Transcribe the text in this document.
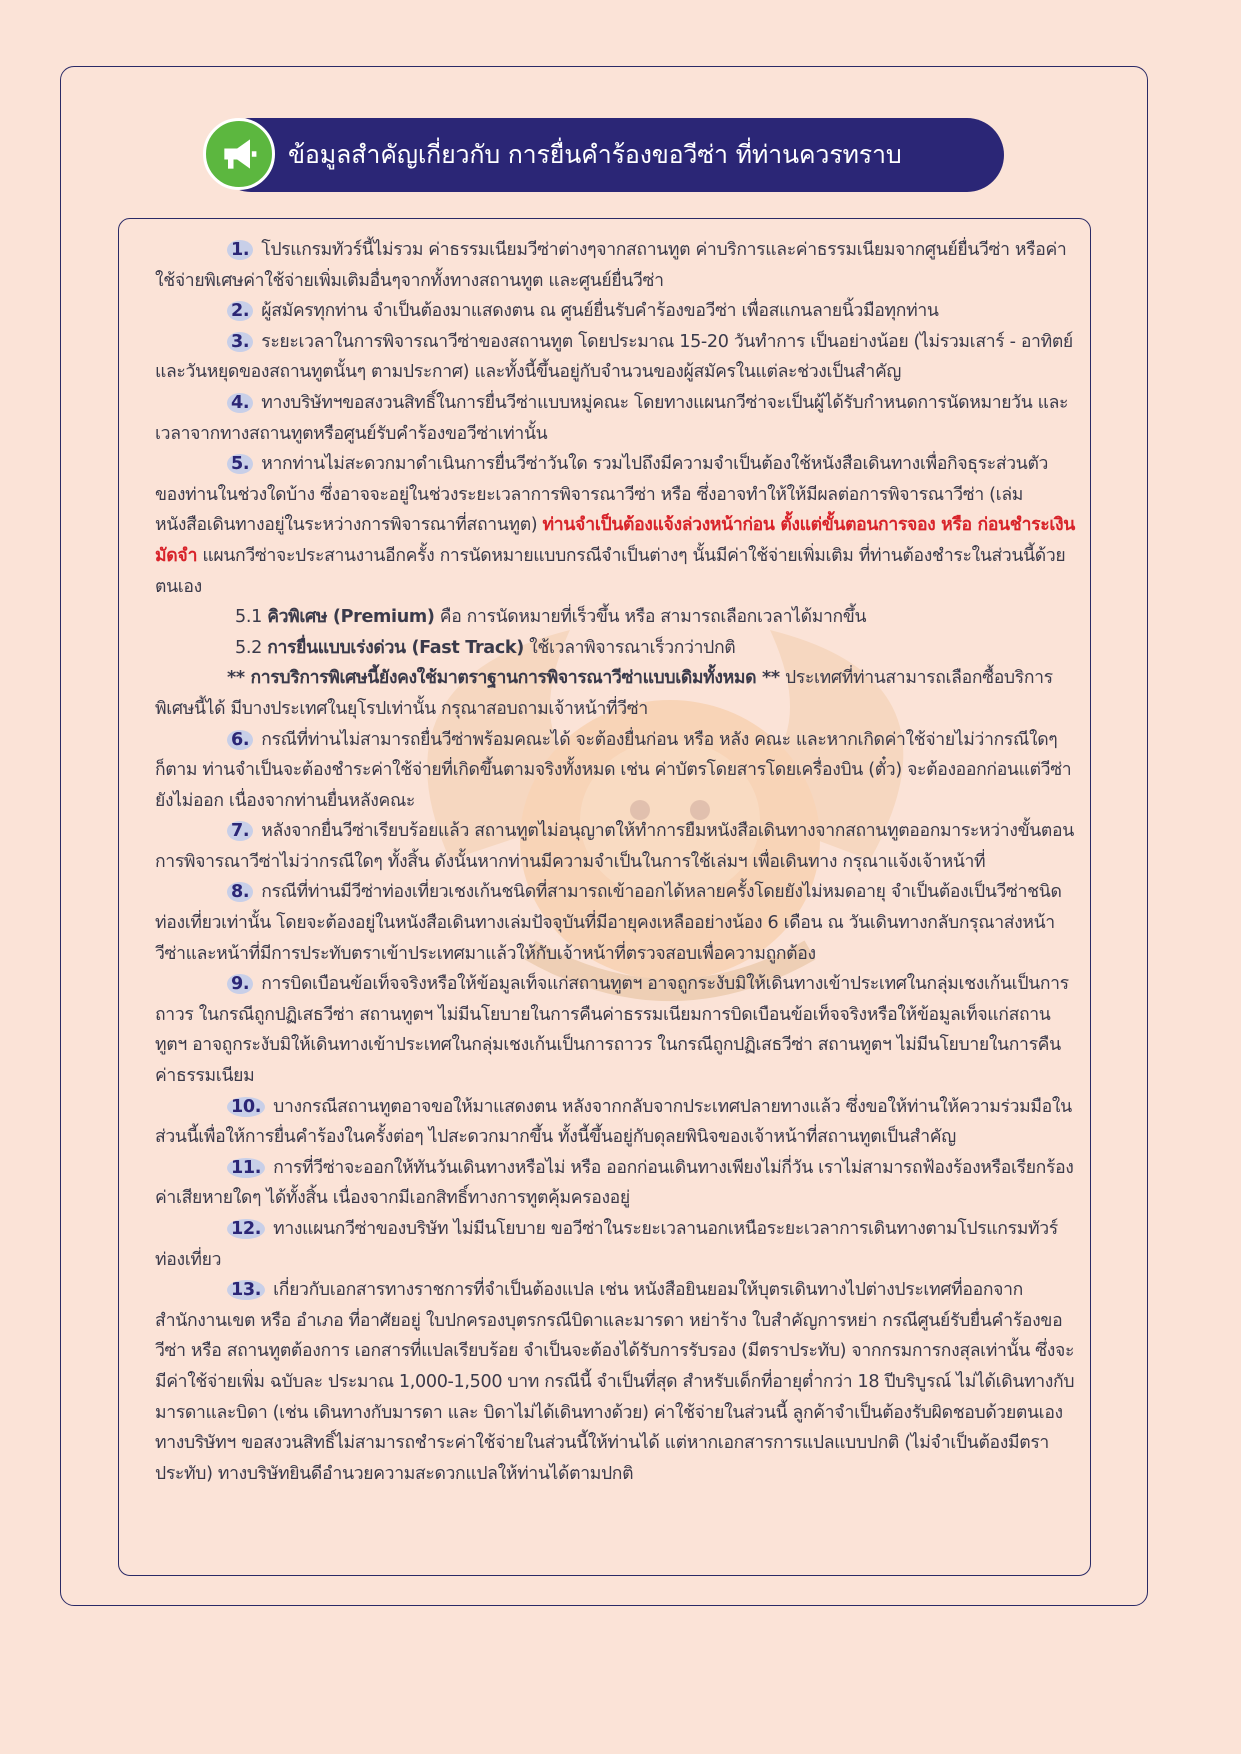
ข้อมูลสำคัญเกี่ยวกับ การยื่นคำร้องขอวีซ่า ที่ท่านควรทราบ

1. โปรแกรมทัวร์นี้ไม่รวม ค่าธรรมเนียมวีซ่าต่างๆจากสถานทูต ค่าบริการและค่าธรรมเนียมจากศูนย์ยื่นวีซ่า หรือค่าใช้จ่ายพิเศษค่าใช้จ่ายเพิ่มเติมอื่นๆจากทั้งทางสถานทูต และศูนย์ยื่นวีซ่า

2. ผู้สมัครทุกท่าน จำเป็นต้องมาแสดงตน ณ ศูนย์ยื่นรับคำร้องขอวีซ่า เพื่อสแกนลายนิ้วมือทุกท่าน

3. ระยะเวลาในการพิจารณาวีซ่าของสถานทูต โดยประมาณ 15-20 วันทำการ เป็นอย่างน้อย (ไม่รวมเสาร์ - อาทิตย์ และวันหยุดของสถานทูตนั้นๆ ตามประกาศ) และทั้งนี้ขึ้นอยู่กับจำนวนของผู้สมัครในแต่ละช่วงเป็นสำคัญ

4. ทางบริษัทฯขอสงวนสิทธิ์ในการยื่นวีซ่าแบบหมู่คณะ โดยทางแผนกวีซ่าจะเป็นผู้ได้รับกำหนดการนัดหมายวัน และเวลาจากทางสถานทูตหรือศูนย์รับคำร้องขอวีซ่าเท่านั้น

5. หากท่านไม่สะดวกมาดำเนินการยื่นวีซ่าวันใด รวมไปถึงมีความจำเป็นต้องใช้หนังสือเดินทางเพื่อกิจธุระส่วนตัวของท่านในช่วงใดบ้าง ซึ่งอาจจะอยู่ในช่วงระยะเวลาการพิจารณาวีซ่า หรือ ซึ่งอาจทำให้ให้มีผลต่อการพิจารณาวีซ่า (เล่มหนังสือเดินทางอยู่ในระหว่างการพิจารณาที่สถานทูต) ท่านจำเป็นต้องแจ้งล่วงหน้าก่อน ตั้งแต่ขั้นตอนการจอง หรือ ก่อนชำระเงินมัดจำ แผนกวีซ่าจะประสานงานอีกครั้ง การนัดหมายแบบกรณีจำเป็นต่างๆ นั้นมีค่าใช้จ่ายเพิ่มเติม ที่ท่านต้องชำระในส่วนนี้ด้วยตนเอง

5.1 คิวพิเศษ (Premium) คือ การนัดหมายที่เร็วขึ้น หรือ สามารถเลือกเวลาได้มากขึ้น

5.2 การยื่นแบบเร่งด่วน (Fast Track) ใช้เวลาพิจารณาเร็วกว่าปกติ

** การบริการพิเศษนี้ยังคงใช้มาตราฐานการพิจารณาวีซ่าแบบเดิมทั้งหมด ** ประเทศที่ท่านสามารถเลือกซื้อบริการพิเศษนี้ได้ มีบางประเทศในยุโรปเท่านั้น กรุณาสอบถามเจ้าหน้าที่วีซ่า

6. กรณีที่ท่านไม่สามารถยื่นวีซ่าพร้อมคณะได้ จะต้องยื่นก่อน หรือ หลัง คณะ และหากเกิดค่าใช้จ่ายไม่ว่ากรณีใดๆ ก็ตาม ท่านจำเป็นจะต้องชำระค่าใช้จ่ายที่เกิดขึ้นตามจริงทั้งหมด เช่น ค่าบัตรโดยสารโดยเครื่องบิน (ตั๋ว) จะต้องออกก่อนแต่วีซ่ายังไม่ออก เนื่องจากท่านยื่นหลังคณะ

7. หลังจากยื่นวีซ่าเรียบร้อยแล้ว สถานทูตไม่อนุญาตให้ทำการยืมหนังสือเดินทางจากสถานทูตออกมาระหว่างขั้นตอนการพิจารณาวีซ่าไม่ว่ากรณีใดๆ ทั้งสิ้น ดังนั้นหากท่านมีความจำเป็นในการใช้เล่มฯ เพื่อเดินทาง กรุณาแจ้งเจ้าหน้าที่

8. กรณีที่ท่านมีวีซ่าท่องเที่ยวเชงเก้นชนิดที่สามารถเข้าออกได้หลายครั้งโดยยังไม่หมดอายุ จำเป็นต้องเป็นวีซ่าชนิดท่องเที่ยวเท่านั้น โดยจะต้องอยู่ในหนังสือเดินทางเล่มปัจจุบันที่มีอายุคงเหลืออย่างน้อง 6 เดือน ณ วันเดินทางกลับกรุณาส่งหน้าวีซ่าและหน้าที่มีการประทับตราเข้าประเทศมาแล้วให้กับเจ้าหน้าที่ตรวจสอบเพื่อความถูกต้อง

9. การบิดเบือนข้อเท็จจริงหรือให้ข้อมูลเท็จแก่สถานทูตฯ อาจถูกระงับมิให้เดินทางเข้าประเทศในกลุ่มเชงเก้นเป็นการถาวร ในกรณีถูกปฏิเสธวีซ่า สถานทูตฯ ไม่มีนโยบายในการคืนค่าธรรมเนียมการบิดเบือนข้อเท็จจริงหรือให้ข้อมูลเท็จแก่สถานทูตฯ อาจถูกระงับมิให้เดินทางเข้าประเทศในกลุ่มเชงเก้นเป็นการถาวร ในกรณีถูกปฏิเสธวีซ่า สถานทูตฯ ไม่มีนโยบายในการคืนค่าธรรมเนียม

10. บางกรณีสถานทูตอาจขอให้มาแสดงตน หลังจากกลับจากประเทศปลายทางแล้ว ซึ่งขอให้ท่านให้ความร่วมมือในส่วนนี้เพื่อให้การยื่นคำร้องในครั้งต่อๆ ไปสะดวกมากขึ้น ทั้งนี้ขึ้นอยู่กับดุลยพินิจของเจ้าหน้าที่สถานทูตเป็นสำคัญ

11. การที่วีซ่าจะออกให้ทันวันเดินทางหรือไม่ หรือ ออกก่อนเดินทางเพียงไม่กี่วัน เราไม่สามารถฟ้องร้องหรือเรียกร้องค่าเสียหายใดๆ ได้ทั้งสิ้น เนื่องจากมีเอกสิทธิ์ทางการทูตคุ้มครองอยู่

12. ทางแผนกวีซ่าของบริษัท ไม่มีนโยบาย ขอวีซ่าในระยะเวลานอกเหนือระยะเวลาการเดินทางตามโปรแกรมทัวร์ ท่องเที่ยว

13. เกี่ยวกับเอกสารทางราชการที่จำเป็นต้องแปล เช่น หนังสือยินยอมให้บุตรเดินทางไปต่างประเทศที่ออกจากสำนักงานเขต หรือ อำเภอ ที่อาศัยอยู่ ใบปกครองบุตรกรณีบิดาและมารดา หย่าร้าง ใบสำคัญการหย่า กรณีศูนย์รับยื่นคำร้องขอวีซ่า หรือ สถานทูตต้องการ เอกสารที่แปลเรียบร้อย จำเป็นจะต้องได้รับการรับรอง (มีตราประทับ) จากกรมการกงสุลเท่านั้น ซึ่งจะมีค่าใช้จ่ายเพิ่ม ฉบับละ ประมาณ 1,000-1,500 บาท กรณีนี้ จำเป็นที่สุด สำหรับเด็กที่อายุต่ำกว่า 18 ปีบริบูรณ์ ไม่ได้เดินทางกับ มารดาและบิดา (เช่น เดินทางกับมารดา และ บิดาไม่ได้เดินทางด้วย) ค่าใช้จ่ายในส่วนนี้ ลูกค้าจำเป็นต้องรับผิดชอบด้วยตนเอง ทางบริษัทฯ ขอสงวนสิทธิ์ไม่สามารถชำระค่าใช้จ่ายในส่วนนี้ให้ท่านได้ แต่หากเอกสารการแปลแบบปกติ (ไม่จำเป็นต้องมีตราประทับ) ทางบริษัทยินดีอำนวยความสะดวกแปลให้ท่านได้ตามปกติ
